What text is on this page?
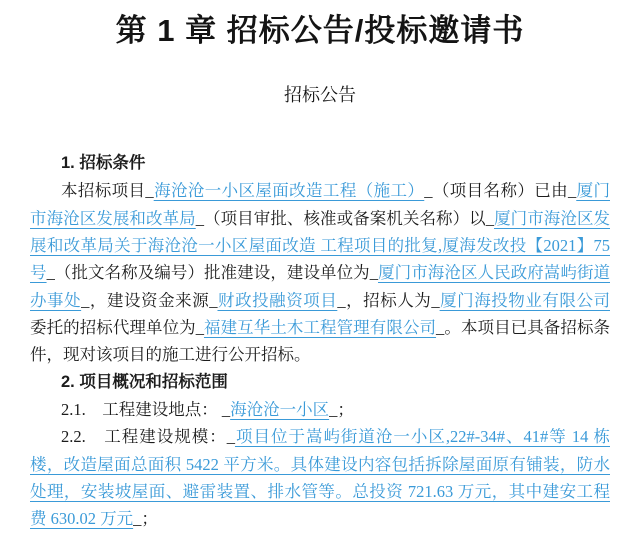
第 1 章 招标公告/投标邀请书
招标公告
1. 招标条件
本招标项目_海沧沧一小区屋面改造工程（施工）_（项目名称）已由_厦门
市海沧区发展和改革局_（项目审批、核准或备案机关名称）以_厦门市海沧区发
展和改革局关于海沧沧一小区屋面改造 工程项目的批复,厦海发改投【2021】75
号_（批文名称及编号）批准建设，建设单位为_厦门市海沧区人民政府嵩屿街道
办事处_，建设资金来源_财政投融资项目_，招标人为_厦门海投物业有限公司
委托的招标代理单位为_福建互华土木工程管理有限公司_。本项目已具备招标条
件，现对该项目的施工进行公开招标。
2. 项目概况和招标范围
2.1.　工程建设地点： _海沧沧一小区_；
2.2.　工程建设规模：_项目位于嵩屿街道沧一小区,22#-34#、41#等 14 栋
楼，改造屋面总面积 5422 平方米。具体建设内容包括拆除屋面原有铺装，防水
处理，安装坡屋面、避雷装置、排水管等。总投资 721.63 万元，其中建安工程
费 630.02 万元_；
